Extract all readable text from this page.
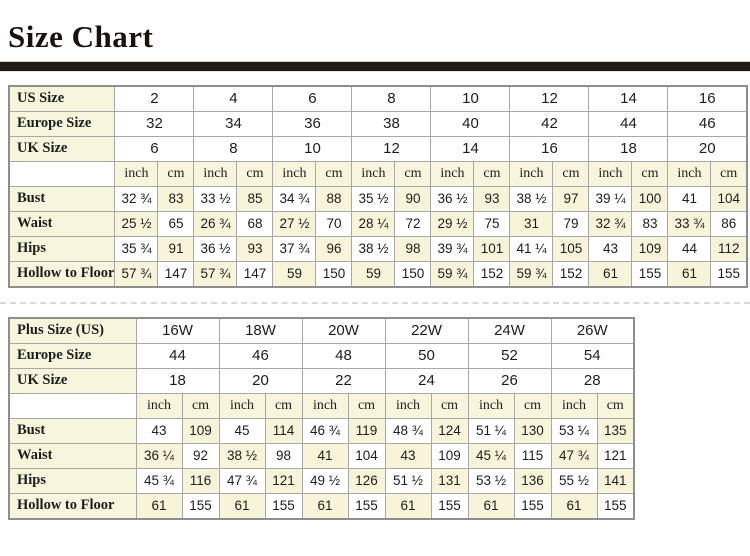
Size Chart
US Size	2		4		6		8		10		12		14		16	
Europe Size	32		34		36		38		40		42		44		46	
UK Size	6		8		10		12		14		16		18		20	
	inch	cm	inch	cm	inch	cm	inch	cm	inch	cm	inch	cm	inch	cm	inch	cm
Bust	32 ¾	83	33 ½	85	34 ¾	88	35 ½	90	36 ½	93	38 ½	97	39 ¼	100	41	104
Waist	25 ½	65	26 ¾	68	27 ½	70	28 ¼	72	29 ½	75	31	79	32 ¾	83	33 ¾	86
Hips	35 ¾	91	36 ½	93	37 ¾	96	38 ½	98	39 ¾	101	41 ¼	105	43	109	44	112
Hollow to Floor	57 ¾	147	57 ¾	147	59	150	59	150	59 ¾	152	59 ¾	152	61	155	61	155
Plus Size (US)	16W		18W		20W		22W		24W		26W	
Europe Size	44		46		48		50		52		54	
UK Size	18		20		22		24		26		28	
	inch	cm	inch	cm	inch	cm	inch	cm	inch	cm	inch	cm
Bust	43	109	45	114	46 ¾	119	48 ¾	124	51 ¼	130	53 ¼	135
Waist	36 ¼	92	38 ½	98	41	104	43	109	45 ¼	115	47 ¾	121
Hips	45 ¾	116	47 ¾	121	49 ½	126	51 ½	131	53 ½	136	55 ½	141
Hollow to Floor	61	155	61	155	61	155	61	155	61	155	61	155
